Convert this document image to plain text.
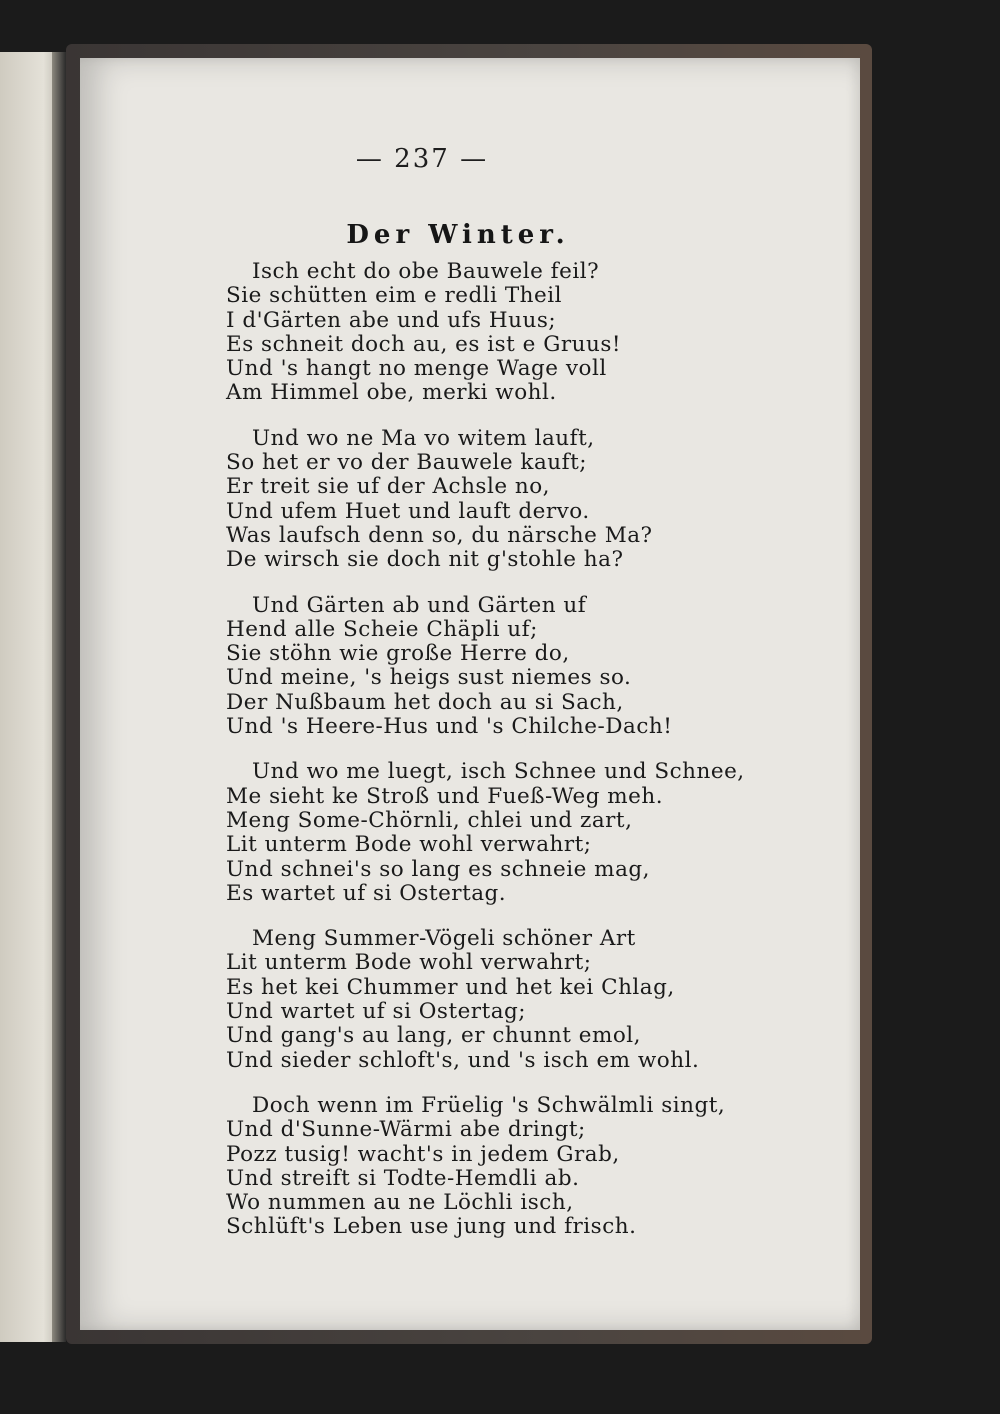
— 237 —
Der Winter.
Isch echt do obe Bauwele feil?
Sie schütten eim e redli Theil
I d'Gärten abe und ufs Huus;
Es schneit doch au, es ist e Gruus!
Und 's hangt no menge Wage voll
Am Himmel obe, merki wohl.
Und wo ne Ma vo witem lauft,
So het er vo der Bauwele kauft;
Er treit sie uf der Achsle no,
Und ufem Huet und lauft dervo.
Was laufsch denn so, du närsche Ma?
De wirsch sie doch nit g'stohle ha?
Und Gärten ab und Gärten uf
Hend alle Scheie Chäpli uf;
Sie stöhn wie große Herre do,
Und meine, 's heigs sust niemes so.
Der Nußbaum het doch au si Sach,
Und 's Heere-Hus und 's Chilche-Dach!
Und wo me luegt, isch Schnee und Schnee,
Me sieht ke Stroß und Fueß-Weg meh.
Meng Some-Chörnli, chlei und zart,
Lit unterm Bode wohl verwahrt;
Und schnei's so lang es schneie mag,
Es wartet uf si Ostertag.
Meng Summer-Vögeli schöner Art
Lit unterm Bode wohl verwahrt;
Es het kei Chummer und het kei Chlag,
Und wartet uf si Ostertag;
Und gang's au lang, er chunnt emol,
Und sieder schloft's, und 's isch em wohl.
Doch wenn im Früelig 's Schwälmli singt,
Und d'Sunne-Wärmi abe dringt;
Pozz tusig! wacht's in jedem Grab,
Und streift si Todte-Hemdli ab.
Wo nummen au ne Löchli isch,
Schlüft's Leben use jung und frisch.
